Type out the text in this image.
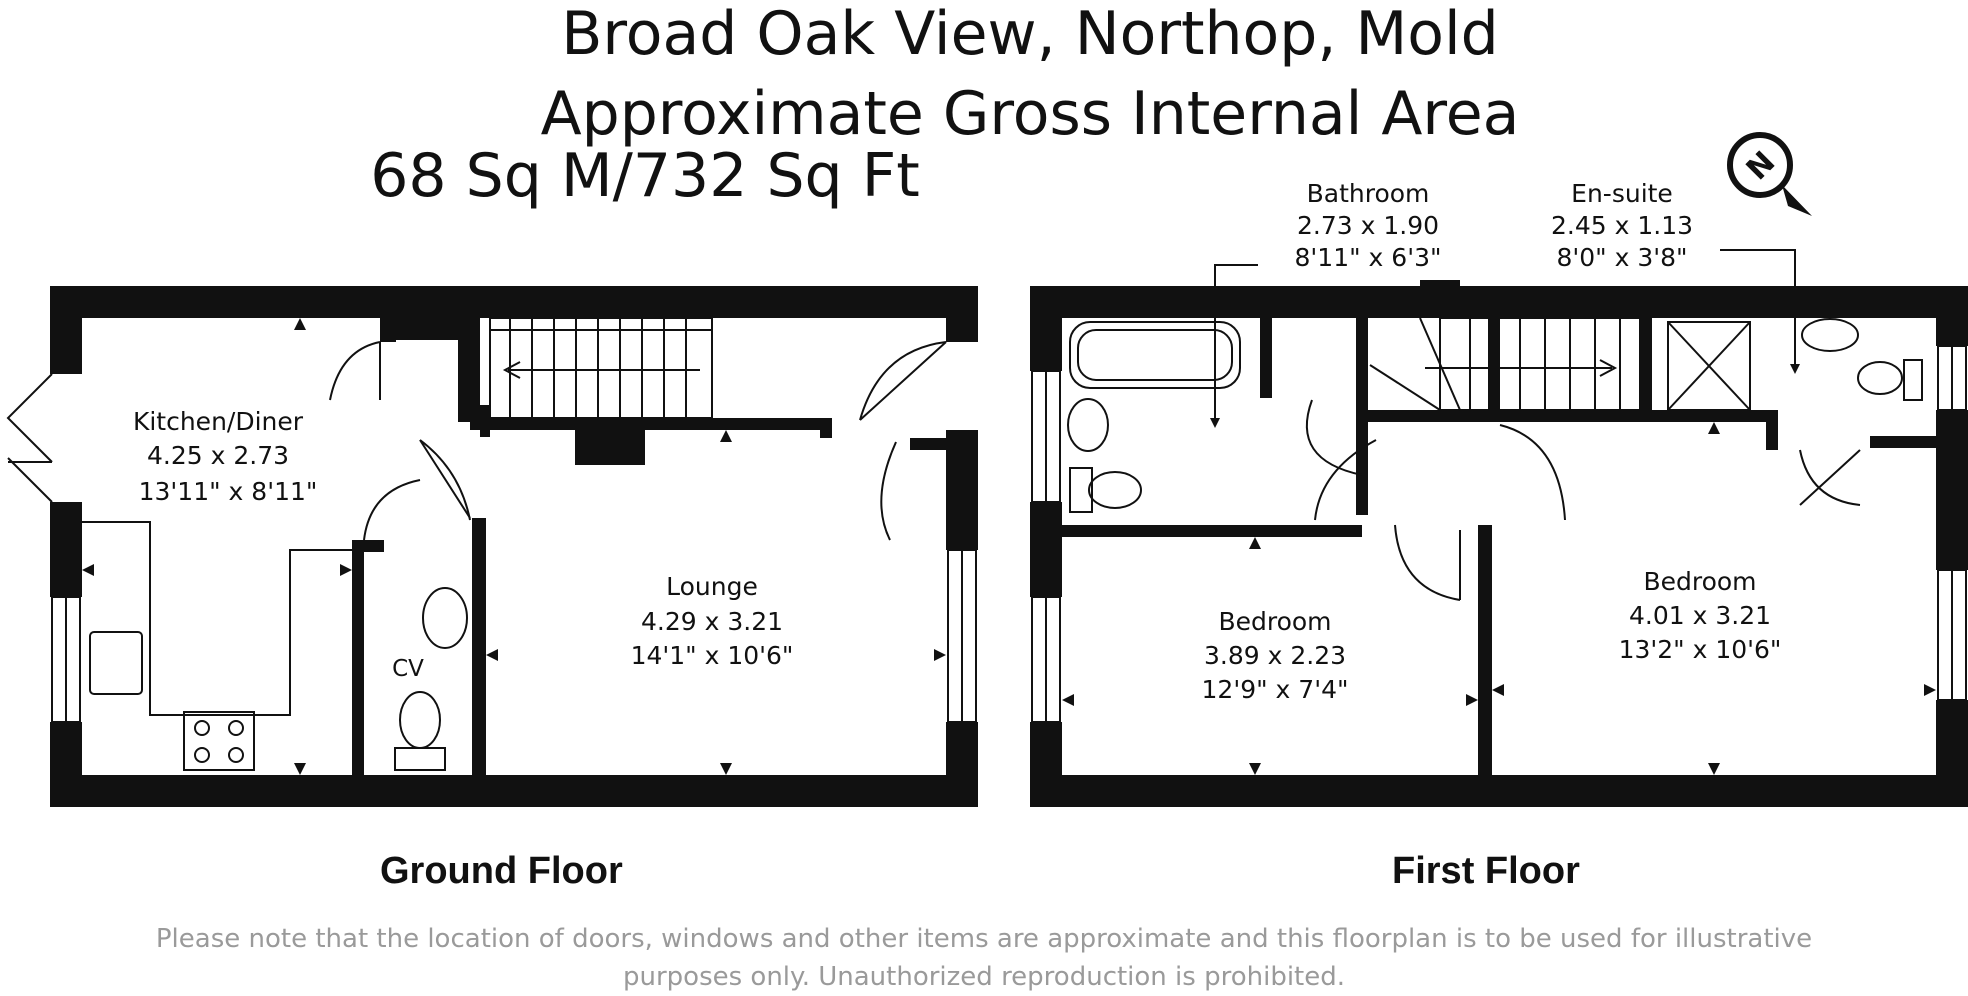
Broad Oak View, Northop, Mold
Approximate Gross Internal Area
68 Sq M/732 Sq Ft	N
Kitchen/Diner
4.25 x 2.73
13'11" x 8'11"
Lounge
4.29 x 3.21
14'1" x 10'6"
CV
Bathroom
2.73 x 1.90
8'11" x 6'3"
En-suite
2.45 x 1.13
8'0" x 3'8"
Bedroom
3.89 x 2.23
12'9" x 7'4"
Bedroom
4.01 x 3.21
13'2" x 10'6"
Ground Floor	First Floor
Please note that the location of doors, windows and other items are approximate and this floorplan is to be used for illustrative
purposes only. Unauthorized reproduction is prohibited.
